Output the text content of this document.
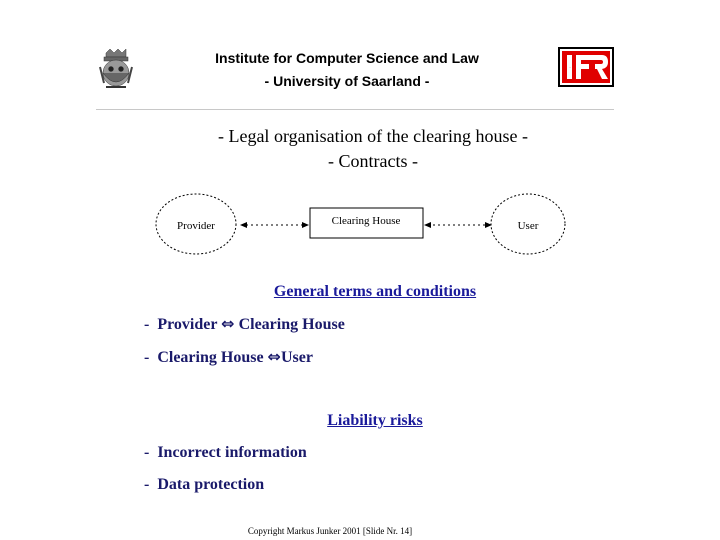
Institute for Computer Science and Law
- University of Saarland -
IfR
- Legal organisation of the clearing house -
- Contracts -
Provider	Clearing House	User
General terms and conditions
- Provider ⇔ Clearing House
- Clearing House ⇔User
Liability risks
- Incorrect information
- Data protection
Copyright Markus Junker 2001 [Slide Nr. 14]
